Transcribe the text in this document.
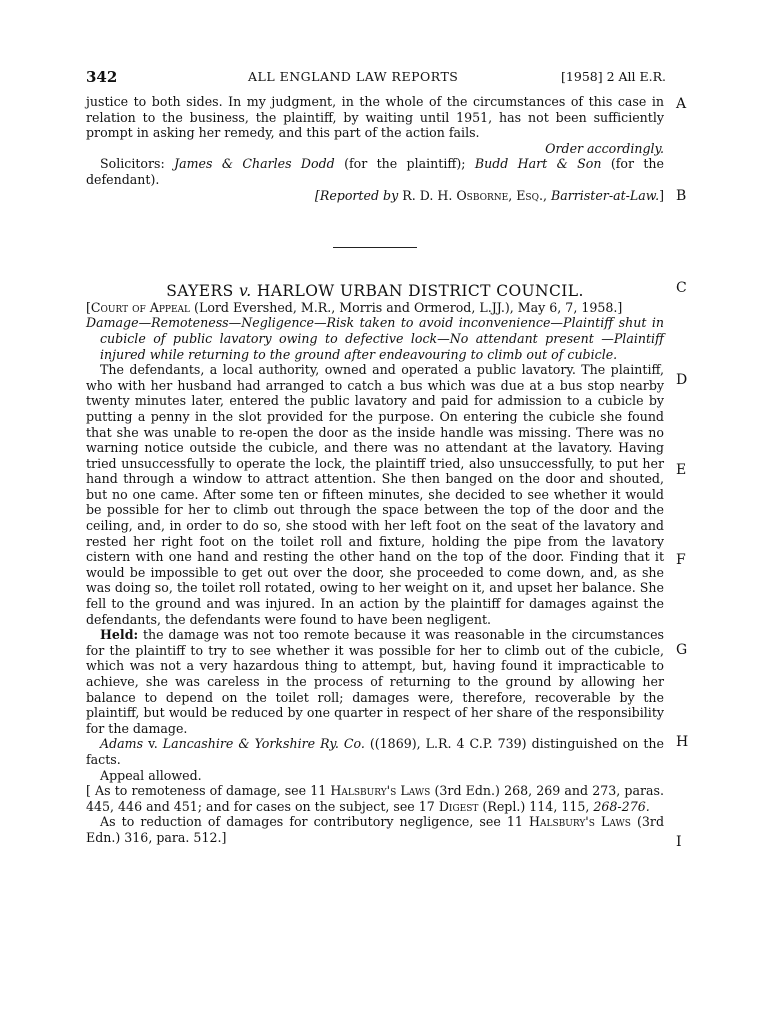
342	ALL ENGLAND LAW REPORTS	[1958] 2 All E.R.

justice to both sides. In my judgment, in the whole of the circumstances of this case in relation to the business, the plaintiff, by waiting until 1951, has not been sufficiently prompt in asking her remedy, and this part of the action fails.

Order accordingly.

Solicitors: James & Charles Dodd (for the plaintiff); Budd Hart & Son (for the defendant).

[Reported by R. D. H. Osborne, Esq., Barrister-at-Law.]

SAYERS v. HARLOW URBAN DISTRICT COUNCIL.

[Court of Appeal (Lord Evershed, M.R., Morris and Ormerod, L.JJ.), May 6, 7, 1958.]

Damage—Remoteness—Negligence—Risk taken to avoid inconvenience—Plaintiff shut in cubicle of public lavatory owing to defective lock—No attendant present —Plaintiff injured while returning to the ground after endeavouring to climb out of cubicle.

The defendants, a local authority, owned and operated a public lavatory. The plaintiff, who with her husband had arranged to catch a bus which was due at a bus stop nearby twenty minutes later, entered the public lavatory and paid for admission to a cubicle by putting a penny in the slot provided for the purpose. On entering the cubicle she found that she was unable to re-open the door as the inside handle was missing. There was no warning notice outside the cubicle, and there was no attendant at the lavatory. Having tried unsuccessfully to operate the lock, the plaintiff tried, also unsuccessfully, to put her hand through a window to attract attention. She then banged on the door and shouted, but no one came. After some ten or fifteen minutes, she decided to see whether it would be possible for her to climb out through the space between the top of the door and the ceiling, and, in order to do so, she stood with her left foot on the seat of the lavatory and rested her right foot on the toilet roll and fixture, holding the pipe from the lavatory cistern with one hand and resting the other hand on the top of the door. Finding that it would be impossible to get out over the door, she proceeded to come down, and, as she was doing so, the toilet roll rotated, owing to her weight on it, and upset her balance. She fell to the ground and was injured. In an action by the plaintiff for damages against the defendants, the defendants were found to have been negligent.

Held: the damage was not too remote because it was reasonable in the circumstances for the plaintiff to try to see whether it was possible for her to climb out of the cubicle, which was not a very hazardous thing to attempt, but, having found it impracticable to achieve, she was careless in the process of returning to the ground by allowing her balance to depend on the toilet roll; damages were, therefore, recoverable by the plaintiff, but would be reduced by one quarter in respect of her share of the responsibility for the damage.

Adams v. Lancashire & Yorkshire Ry. Co. ((1869), L.R. 4 C.P. 739) distinguished on the facts.

Appeal allowed.

[ As to remoteness of damage, see 11 Halsbury's Laws (3rd Edn.) 268, 269 and 273, paras. 445, 446 and 451; and for cases on the subject, see 17 Digest (Repl.) 114, 115, 268-276.

As to reduction of damages for contributory negligence, see 11 Halsbury's Laws (3rd Edn.) 316, para. 512.]

A
B
C
D
E
F
G
H
I
